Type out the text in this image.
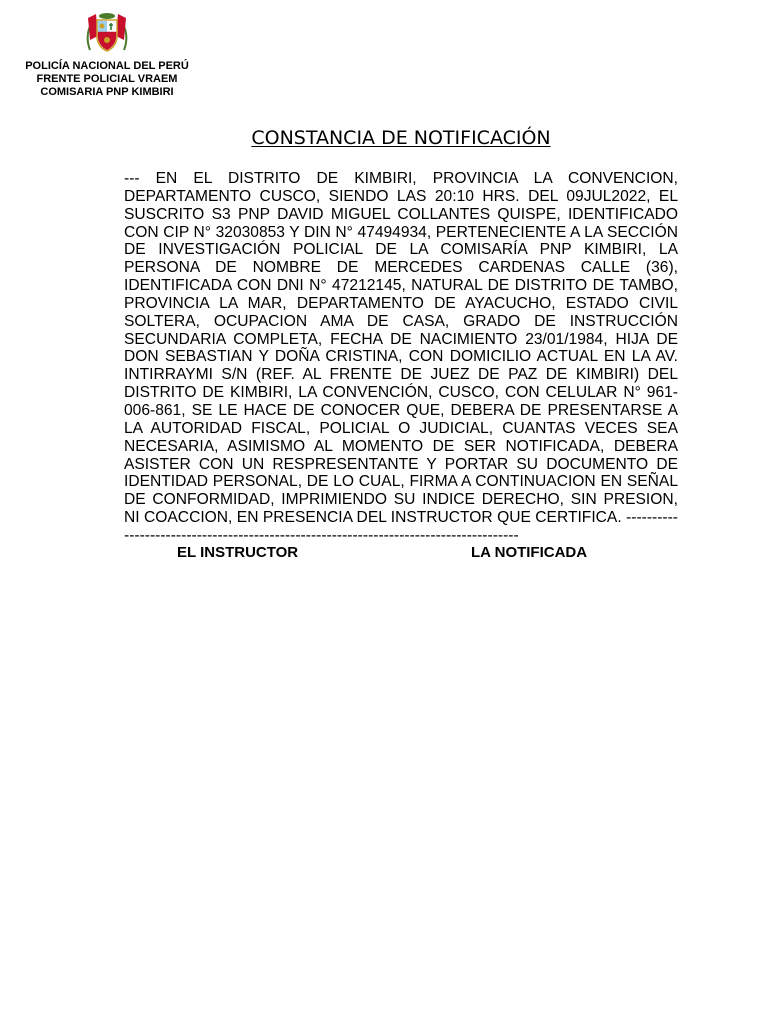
POLICÍA NACIONAL DEL PERÚ
FRENTE POLICIAL VRAEM
COMISARIA PNP KIMBIRI
CONSTANCIA DE NOTIFICACIÓN

--- EN EL DISTRITO DE KIMBIRI, PROVINCIA LA CONVENCION, DEPARTAMENTO CUSCO, SIENDO LAS 20:10 HRS. DEL 09JUL2022, EL SUSCRITO S3 PNP DAVID MIGUEL COLLANTES QUISPE, IDENTIFICADO CON CIP N° 32030853 Y DIN N° 47494934, PERTENECIENTE A LA SECCIÓN DE INVESTIGACIÓN POLICIAL DE LA COMISARÍA PNP KIMBIRI, LA PERSONA DE NOMBRE DE MERCEDES CARDENAS CALLE (36), IDENTIFICADA CON DNI N° 47212145, NATURAL DE DISTRITO DE TAMBO, PROVINCIA LA MAR, DEPARTAMENTO DE AYACUCHO, ESTADO CIVIL SOLTERA, OCUPACION AMA DE CASA, GRADO DE INSTRUCCIÓN SECUNDARIA COMPLETA, FECHA DE NACIMIENTO 23/01/1984, HIJA DE DON SEBASTIAN Y DOÑA CRISTINA, CON DOMICILIO ACTUAL EN LA AV. INTIRRAYMI S/N (REF. AL FRENTE DE JUEZ DE PAZ DE KIMBIRI) DEL DISTRITO DE KIMBIRI, LA CONVENCIÓN, CUSCO, CON CELULAR N° 961-006-861, SE LE HACE DE CONOCER QUE, DEBERA DE PRESENTARSE A LA AUTORIDAD FISCAL, POLICIAL O JUDICIAL, CUANTAS VECES SEA NECESARIA, ASIMISMO AL MOMENTO DE SER NOTIFICADA, DEBERA ASISTER CON UN RESPRESENTANTE Y PORTAR SU DOCUMENTO DE IDENTIDAD PERSONAL, DE LO CUAL, FIRMA A CONTINUACION EN SEÑAL DE CONFORMIDAD, IMPRIMIENDO SU INDICE DERECHO, SIN PRESION, NI COACCION, EN PRESENCIA DEL INSTRUCTOR QUE CERTIFICA. --------------------------------------------------------------------------------------

EL INSTRUCTOR	LA NOTIFICADA
